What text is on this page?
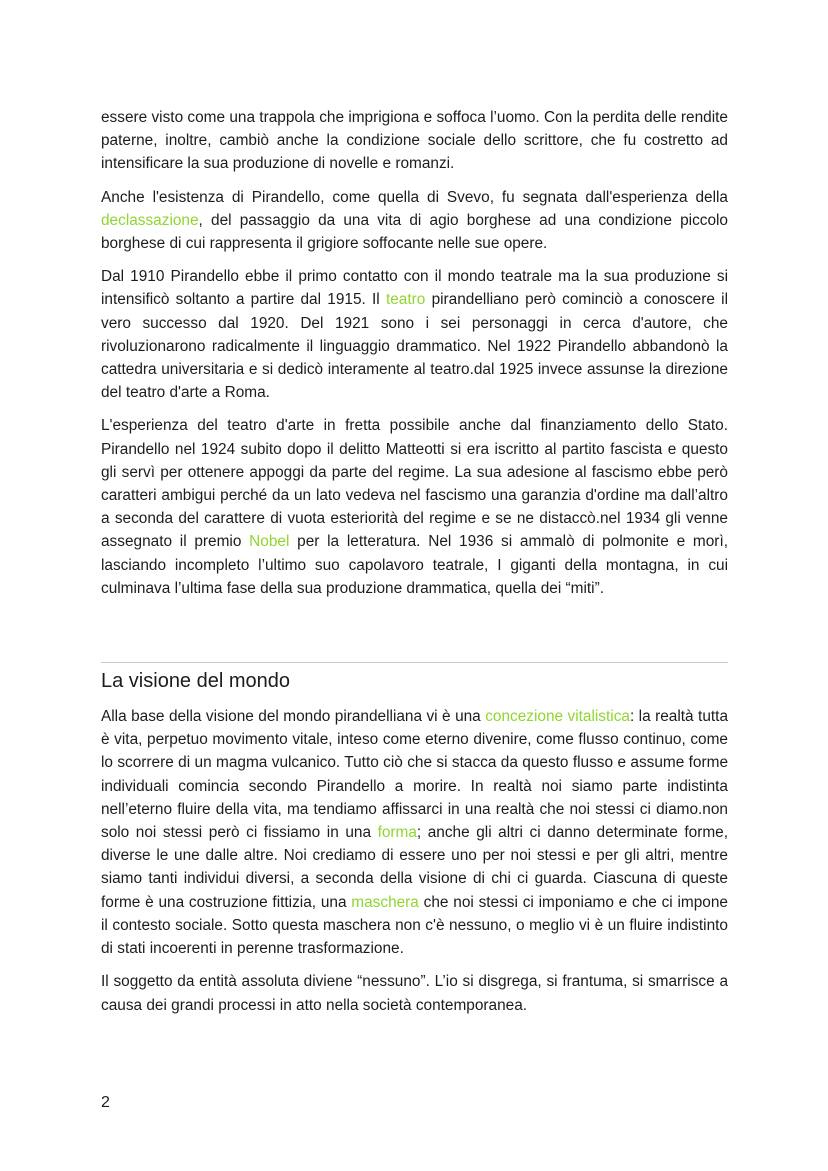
essere visto come una trappola che imprigiona e soffoca l’uomo. Con la perdita delle rendite paterne, inoltre, cambiò anche la condizione sociale dello scrittore, che fu costretto ad intensificare la sua produzione di novelle e romanzi.

Anche l'esistenza di Pirandello, come quella di Svevo, fu segnata dall'esperienza della declassazione, del passaggio da una vita di agio borghese ad una condizione piccolo borghese di cui rappresenta il grigiore soffocante nelle sue opere.

Dal 1910 Pirandello ebbe il primo contatto con il mondo teatrale ma la sua produzione si intensificò soltanto a partire dal 1915. Il teatro pirandelliano però cominciò a conoscere il vero successo dal 1920. Del 1921 sono i sei personaggi in cerca d'autore, che rivoluzionarono radicalmente il linguaggio drammatico. Nel 1922 Pirandello abbandonò la cattedra universitaria e si dedicò interamente al teatro.dal 1925 invece assunse la direzione del teatro d'arte a Roma.

L'esperienza del teatro d'arte in fretta possibile anche dal finanziamento dello Stato. Pirandello nel 1924 subito dopo il delitto Matteotti si era iscritto al partito fascista e questo gli servì per ottenere appoggi da parte del regime. La sua adesione al fascismo ebbe però caratteri ambigui perché da un lato vedeva nel fascismo una garanzia d'ordine ma dall’altro a seconda del carattere di vuota esteriorità del regime e se ne distaccò.nel 1934 gli venne assegnato il premio Nobel per la letteratura. Nel 1936 si ammalò di polmonite e morì, lasciando incompleto l’ultimo suo capolavoro teatrale, I giganti della montagna, in cui culminava l’ultima fase della sua produzione drammatica, quella dei “miti”.

La visione del mondo

Alla base della visione del mondo pirandelliana vi è una concezione vitalistica: la realtà tutta è vita, perpetuo movimento vitale, inteso come eterno divenire, come flusso continuo, come lo scorrere di un magma vulcanico. Tutto ciò che si stacca da questo flusso e assume forme individuali comincia secondo Pirandello a morire. In realtà noi siamo parte indistinta nell’eterno fluire della vita, ma tendiamo affissarci in una realtà che noi stessi ci diamo.non solo noi stessi però ci fissiamo in una forma; anche gli altri ci danno determinate forme, diverse le une dalle altre. Noi crediamo di essere uno per noi stessi e per gli altri, mentre siamo tanti individui diversi, a seconda della visione di chi ci guarda. Ciascuna di queste forme è una costruzione fittizia, una maschera che noi stessi ci imponiamo e che ci impone il contesto sociale. Sotto questa maschera non c'è nessuno, o meglio vi è un fluire indistinto di stati incoerenti in perenne trasformazione.

Il soggetto da entità assoluta diviene “nessuno”. L’io si disgrega, si frantuma, si smarrisce a causa dei grandi processi in atto nella società contemporanea.

2
